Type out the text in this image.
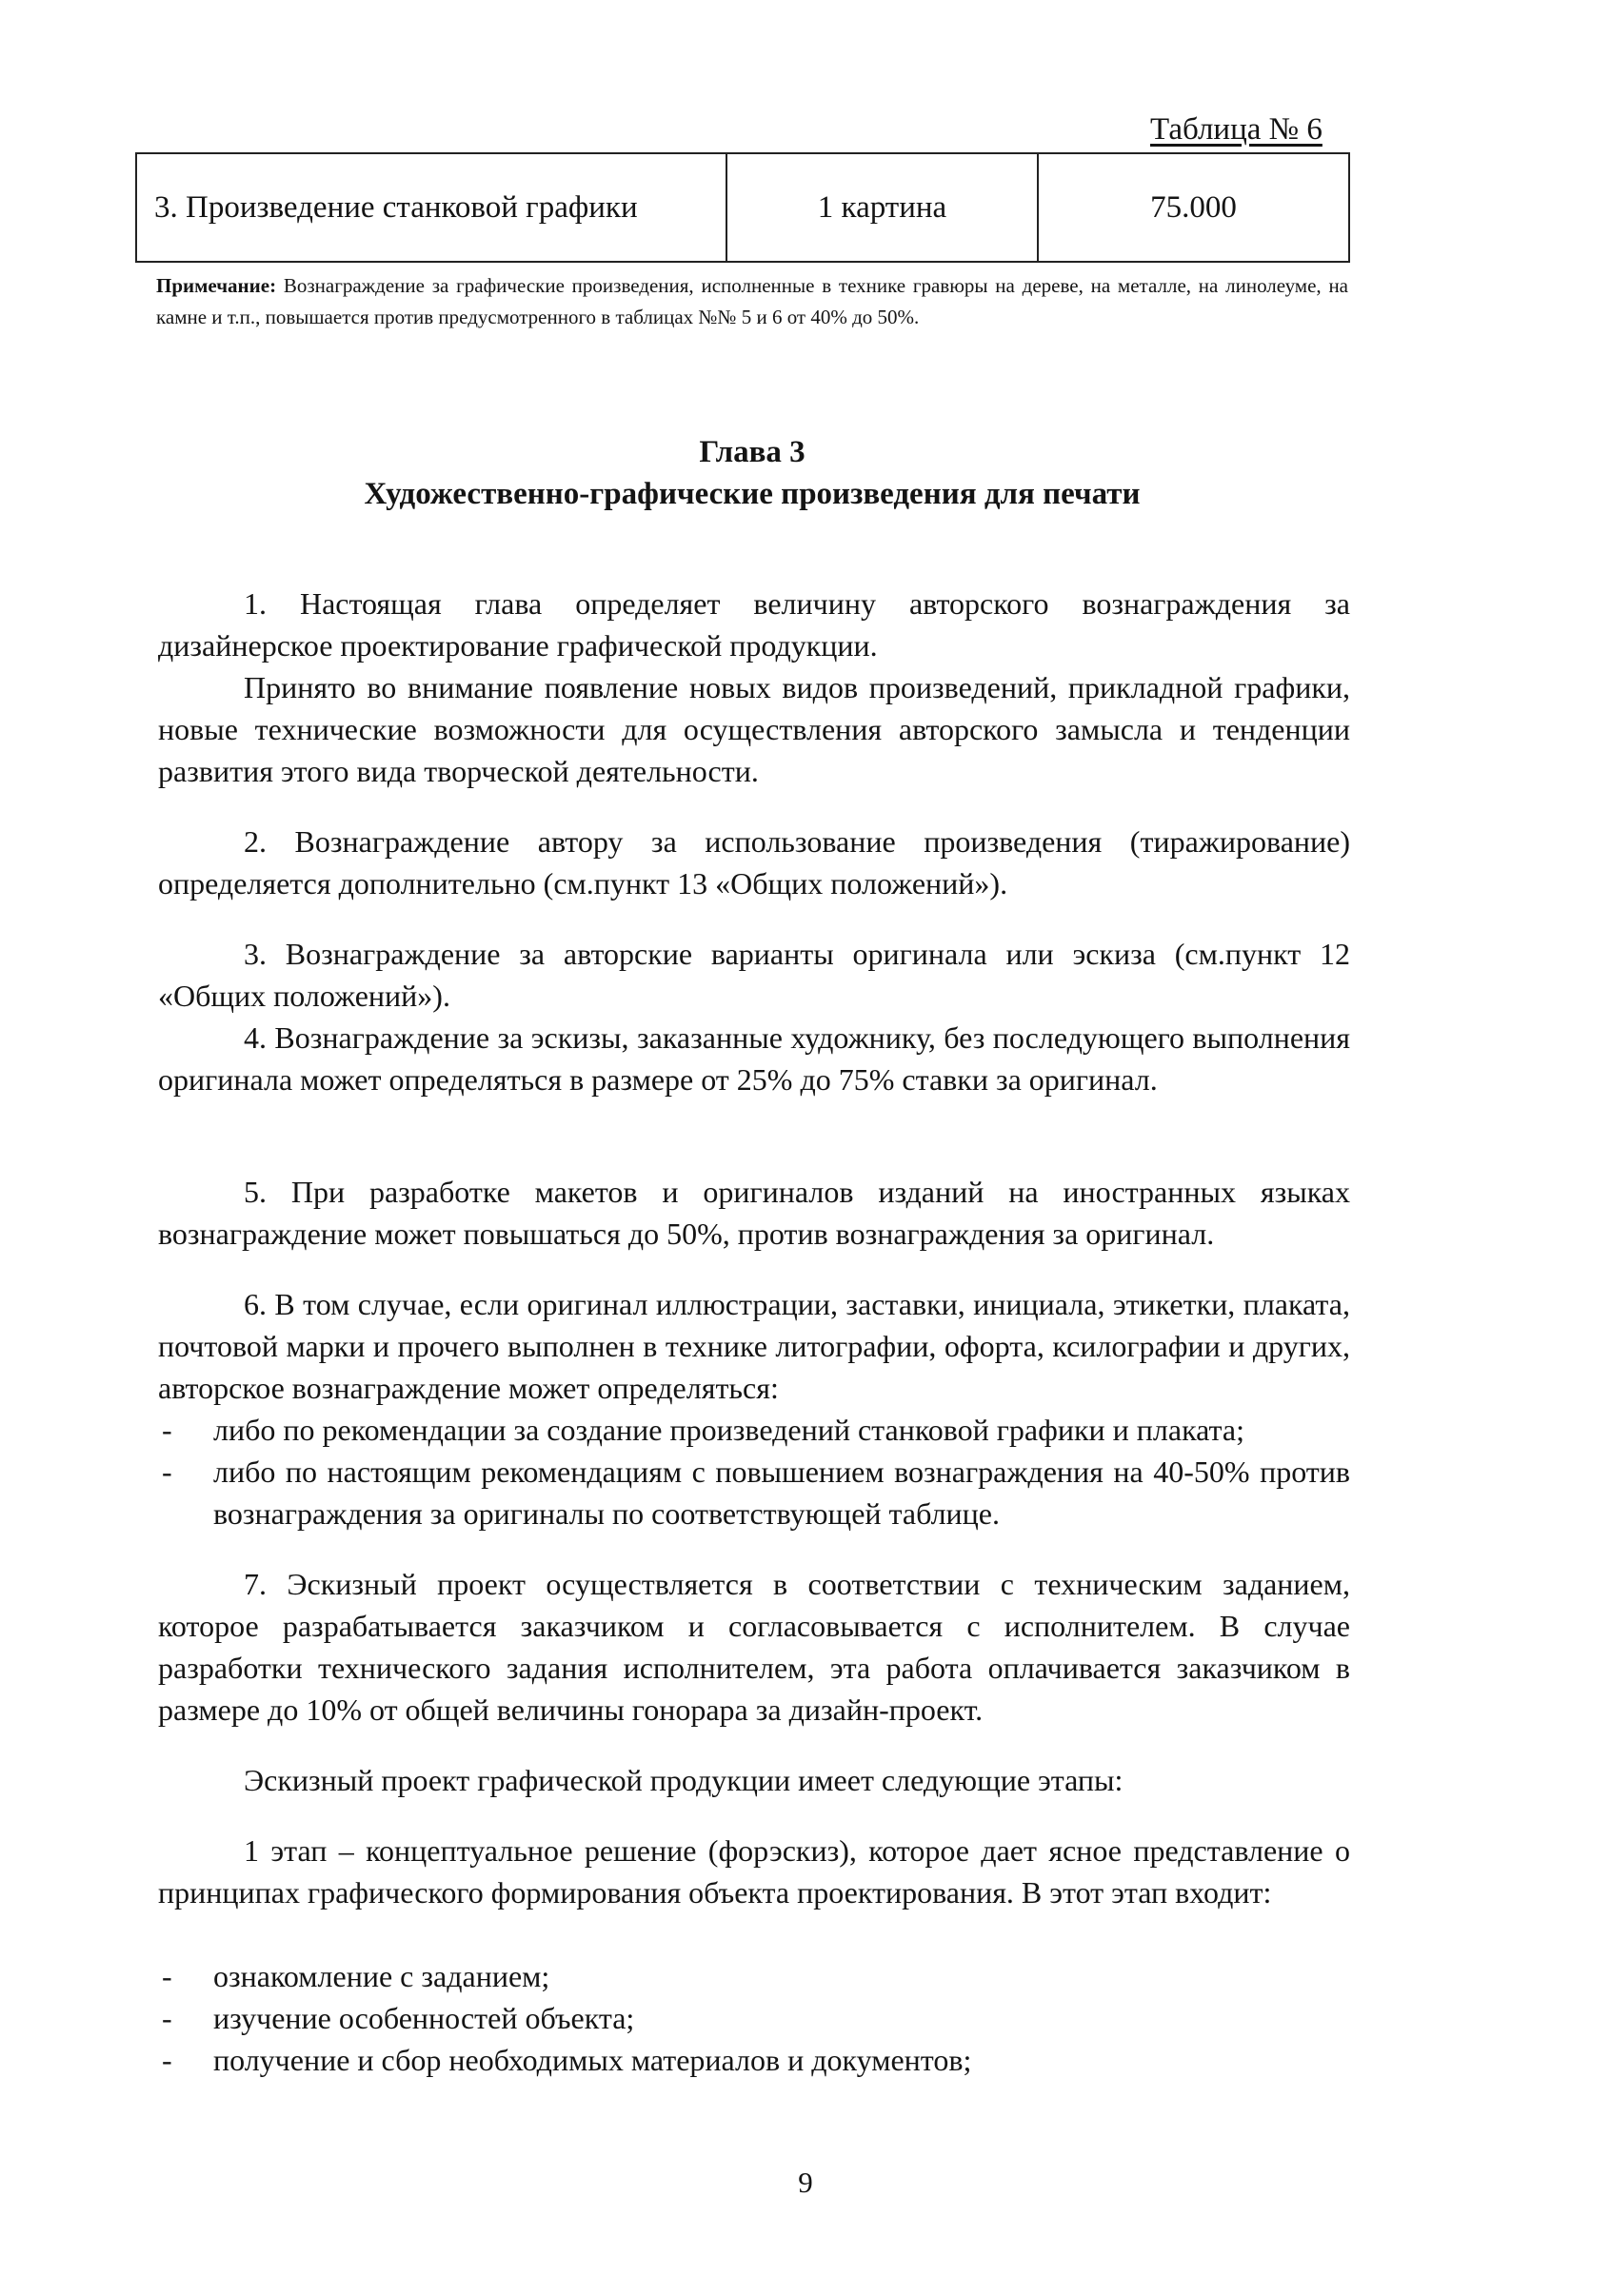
Таблица № 6
3. Произведение станковой графики	1 картина	75.000
Примечание: Вознаграждение за графические произведения, исполненные в технике гравюры на дереве, на металле, на линолеуме, на камне и т.п., повышается против предусмотренного в таблицах №№ 5 и 6 от 40% до 50%.
Глава 3
Художественно-графические произведения для печати

1. Настоящая глава определяет величину авторского вознаграждения за дизайнерское проектирование графической продукции.

Принято во внимание появление новых видов произведений, прикладной графики, новые технические возможности для осуществления авторского замысла и тенденции развития этого вида творческой деятельности.

2. Вознаграждение автору за использование произведения (тиражирование) определяется дополнительно (см.пункт 13 «Общих положений»).

3. Вознаграждение за авторские варианты оригинала или эскиза (см.пункт 12 «Общих положений»).

4. Вознаграждение за эскизы, заказанные художнику, без последующего выполнения оригинала может определяться в размере от 25% до 75% ставки за оригинал.

5. При разработке макетов и оригиналов изданий на иностранных языках вознаграждение может повышаться до 50%, против вознаграждения за оригинал.

6. В том случае, если оригинал иллюстрации, заставки, инициала, этикетки, плаката, почтовой марки и прочего выполнен в технике литографии, офорта, ксилографии и других, авторское вознаграждение может определяться:

- либо по рекомендации за создание произведений станковой графики и плаката;
- либо по настоящим рекомендациям с повышением вознаграждения на 40-50% против вознаграждения за оригиналы по соответствующей таблице.

7. Эскизный проект осуществляется в соответствии с техническим заданием, которое разрабатывается заказчиком и согласовывается с исполнителем. В случае разработки технического задания исполнителем, эта работа оплачивается заказчиком в размере до 10% от общей величины гонорара за дизайн-проект.

Эскизный проект графической продукции имеет следующие этапы:

1 этап – концептуальное решение (форэскиз), которое дает ясное представление о принципах графического формирования объекта проектирования. В этот этап входит:

- ознакомление с заданием;
- изучение особенностей объекта;
- получение и сбор необходимых материалов и документов;
9
